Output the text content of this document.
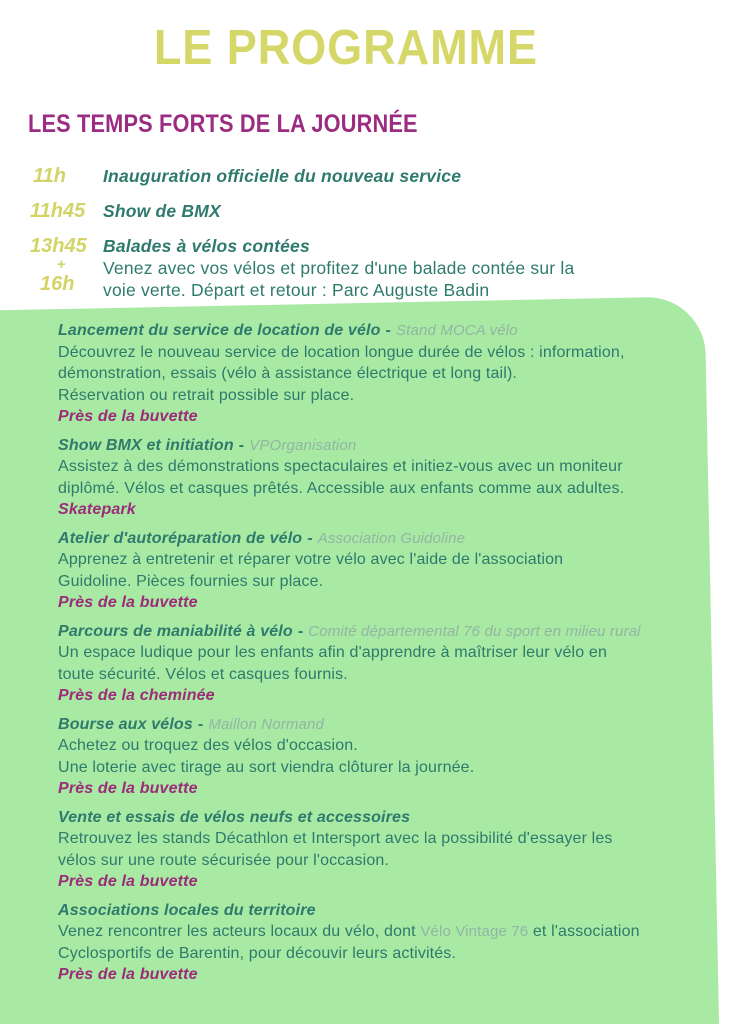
LE PROGRAMME
LES TEMPS FORTS DE LA JOURNÉE
11h	Inauguration officielle du nouveau service
11h45	Show de BMX
13h45
+
16h
Balades à vélos contées
Venez avec vos vélos et profitez d'une balade contée sur la
voie verte. Départ et retour : Parc Auguste Badin
Lancement du service de location de vélo - Stand MOCA vélo
Découvrez le nouveau service de location longue durée de vélos : information,
démonstration, essais (vélo à assistance électrique et long tail).
Réservation ou retrait possible sur place.
Près de la buvette
Show BMX et initiation - VPOrganisation
Assistez à des démonstrations spectaculaires et initiez-vous avec un moniteur
diplômé. Vélos et casques prêtés. Accessible aux enfants comme aux adultes.
Skatepark
Atelier d'autoréparation de vélo - Association Guidoline
Apprenez à entretenir et réparer votre vélo avec l'aide de l'association
Guidoline. Pièces fournies sur place.
Près de la buvette
Parcours de maniabilité à vélo - Comité départemental 76 du sport en milieu rural
Un espace ludique pour les enfants afin d'apprendre à maîtriser leur vélo en
toute sécurité. Vélos et casques fournis.
Près de la cheminée
Bourse aux vélos - Maillon Normand
Achetez ou troquez des vélos d'occasion.
Une loterie avec tirage au sort viendra clôturer la journée.
Près de la buvette
Vente et essais de vélos neufs et accessoires
Retrouvez les stands Décathlon et Intersport avec la possibilité d'essayer les
vélos sur une route sécurisée pour l'occasion.
Près de la buvette
Associations locales du territoire
Venez rencontrer les acteurs locaux du vélo, dont Vélo Vintage 76 et l'association
Cyclosportifs de Barentin, pour découvir leurs activités.
Près de la buvette
